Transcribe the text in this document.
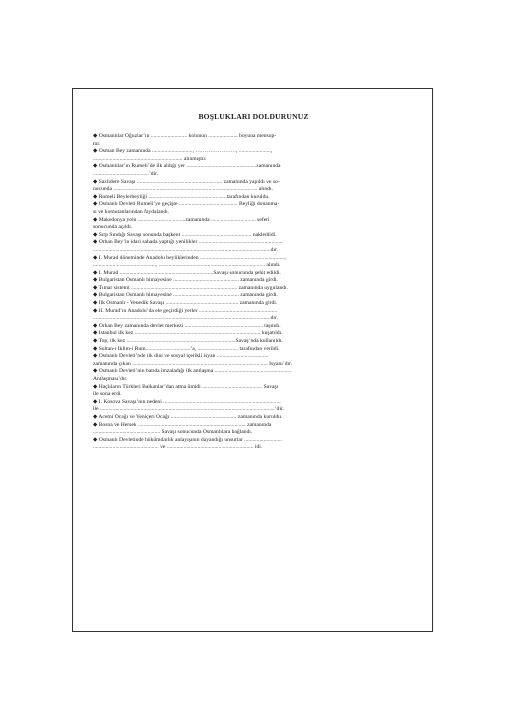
BOŞLUKLARI DOLDURUNUZ
◆ Osmanlılar Oğuzlar’ın .......................... kolunun ..................... boyuna mensup-
tur.
◆ Osman Bey zamanında ............................., …………………., .......................,
................................................................ alınmıştır.
◆ Osmanlılar’ın Rumeli’de ilk aldığı yer ..................................................zamanında
........................................’dir.
◆ Sazlıdere Savaşı ............................................................. zamanında yapıldı ve so-
nucunda ....................................................................................................... alındı.
◆ Rumeli Beylerbeyliği ........................................................tarafından kuruldu.
◆ Osmanlı Devleti Rumeli’ye geçişte .......................................... Beyliği donanma-
sı ve komutanlarından faydalandı.
◆ Makedonya yolu ..................................zamanında ................................ seferi
sonucunda açıldı.
◆ Sırp Sındığı Savaşı sonunda başkent .................................................. nakledildi.
◆ Orhan Bey’in idari sahada yaptığı yenilikler ............................................................
...............................................................................................................................dır.
◆ I. Murad döneminde Anadolu beyliklerinden .............................................................,
............................................., ............................................................................ alındı.
◆ I. Murad ...................................................................Savaşı sonucunda şehit edildi.
◆ Bulgaristan Osmanlı himayesine ............................................... zamanında girdi.
◆ Tımar sistemi ............................................................................ zamanında uygulandı.
◆ Bulgaristan Osmanlı himayesine ............................................... zamanında girdi.
◆ İlk Osmanlı - Venedik Savaşı .................................................... zamanında girdi.
◆ II. Murad’ın Anadolu’da ele geçirdiği yerler ........................................................
...............................................................................................................................dır.
◆ Orhan Bey zamanında devlet merkezi ........................................................ taşındı.
◆ İstanbul ilk kez .......................................................................................... kuşatıldı.
◆ Top, ilk kez ..............................................................................Savaş’nda kullanıldı.
◆ Sultan-ı İklim-i Rum................................’a, ............................. tarafından verildi.
◆ Osmanlı Devleti’nde ilk dini ve sosyal içerikli isyan .....................................
zamanında çıkan ................................................................................................. İsyanı’dır.
◆ Osmanlı Devleti’nin batıda imzaladığı ilk antlaşma .......................................................
Antlaşması’dır.
◆ Haçlıların Türkleri Balkanlar’dan atma ümidi ........................................... Savaşı
ile sona erdi.
◆ I. Kosova Savaşı’nın nedeni ....................................................................................
ile .............................................................................................................................’dir.
◆ Acemi Ocağı ve Yeniçeri Ocağı ............................................... zamanında kuruldu.
◆ Bosna ve Hersek ............................................................................. zamanında
................................................ Savaşı sonucunda Osmanlılara bağlandı.
◆ Osmanlı Devletinde hükümdarlık anlayışının dayandığı unsurlar ...........................
............................................... ve .............................................................. idi.
